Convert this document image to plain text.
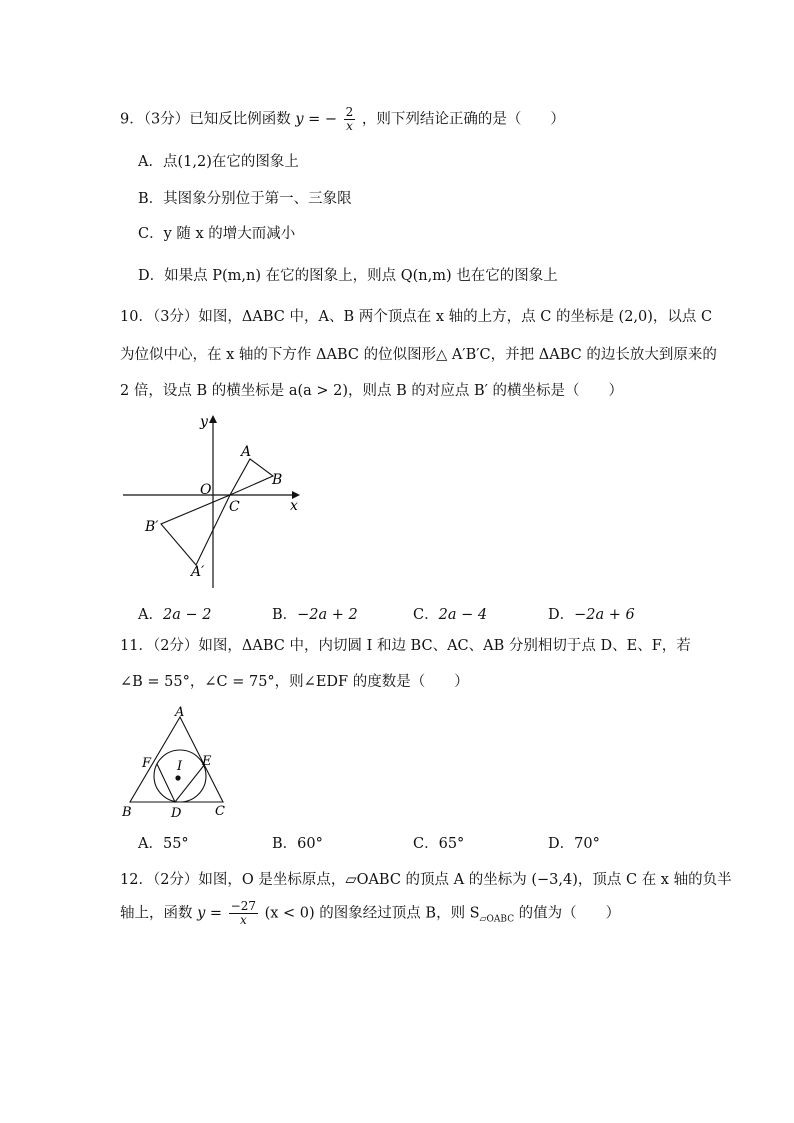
9．（3分）已知反比例函数 y = − $\frac{2}{x}$ ，则下列结论正确的是（　　）
A．点(1,2)在它的图象上
B．其图象分别位于第一、三象限
C．y 随 x 的增大而减小
D．如果点 P(m,n) 在它的图象上，则点 Q(n,m) 也在它的图象上
10．（3分）如图，ΔABC 中，A、B 两个顶点在 x 轴的上方，点 C 的坐标是 (2,0)，以点 C
为位似中心，在 x 轴的下方作 ΔABC 的位似图形△ A′B′C，并把 ΔABC 的边长放大到原来的
2 倍，设点 B 的横坐标是 a(a > 2)，则点 B 的对应点 B′ 的横坐标是（　　）
y
x
O
A
B
C
B′
A′
A．2a − 2	B．−2a + 2	C．2a − 4	D．−2a + 6
11．（2分）如图，ΔABC 中，内切圆 I 和边 BC、AC、AB 分别相切于点 D、E、F，若
∠B = 55°，∠C = 75°，则∠EDF 的度数是（　　）
A
B	C
D
E
F I
A．55°	B．60°	C．65°	D．70°
12．（2分）如图，O 是坐标原点，▱OABC 的顶点 A 的坐标为 (−3,4)，顶点 C 在 x 轴的负半
轴上，函数 $y = \frac{-27}{x} (x < 0)$ 的图象经过顶点 B，则 $S_{▱OABC}$ 的值为（　　）
